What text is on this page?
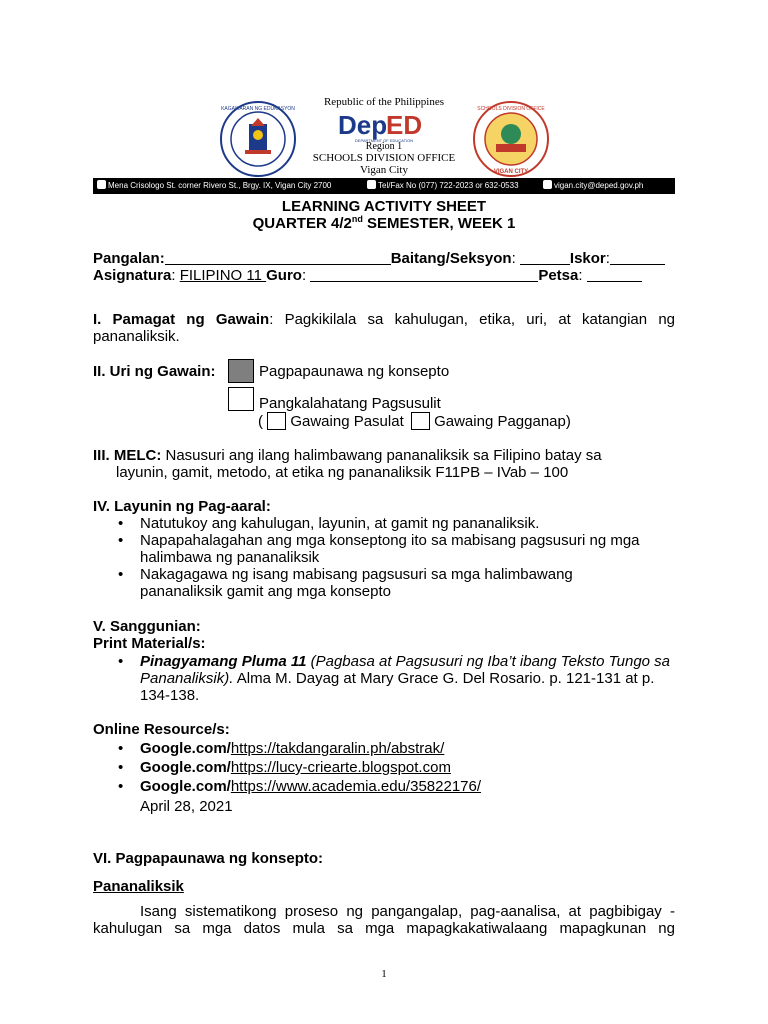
KAGAWARAN NG EDUKASYON
Republic of the Philippines
Dep
ED
DEPARTMENT OF EDUCATION
Region 1
SCHOOLS DIVISION OFFICE
Vigan City
SCHOOLS DIVISION OFFICE
VIGAN CITY
Mena Crisologo St. corner Rivero St., Brgy. IX, Vigan City 2700	Tel/Fax No (077) 722-2023 or 632-0533	vigan.city@deped.gov.ph
LEARNING ACTIVITY SHEET
QUARTER 4/2nd SEMESTER, WEEK 1
Pangalan:	Baitang/Seksyon:	Iskor:
Asignatura: FILIPINO 11 Guro:	Petsa:
I. Pamagat ng Gawain: Pagkikilala sa kahulugan, etika, uri, at katangian ng pananaliksik.
II. Uri ng Gawain:	Pagpapaunawa ng konsepto
Pangkalahatang Pagsusulit
( Gawaing Pasulat Gawaing Pagganap)
III. MELC: Nasusuri ang ilang halimbawang pananaliksik sa Filipino batay sa
layunin, gamit, metodo, at etika ng pananaliksik F11PB – IVab – 100
IV. Layunin ng Pag-aaral:
• Natutukoy ang kahulugan, layunin, at gamit ng pananaliksik.
• Napapahalagahan ang mga konseptong ito sa mabisang pagsusuri ng mga halimbawa ng pananaliksik
• Nakagagawa ng isang mabisang pagsusuri sa mga halimbawang pananaliksik gamit ang mga konsepto
V. Sanggunian:
Print Material/s:
• Pinagyamang Pluma 11 (Pagbasa at Pagsusuri ng Iba’t ibang Teksto Tungo sa Pananaliksik). Alma M. Dayag at Mary Grace G. Del Rosario. p. 121-131 at p. 134-138.
Online Resource/s:
• Google.com/https://takdangaralin.ph/abstrak/
• Google.com/https://lucy-criearte.blogspot.com
• Google.com/https://www.academia.edu/35822176/
April 28, 2021
VI. Pagpapaunawa ng konsepto:
Pananaliksik
Isang sistematikong proseso ng pangangalap, pag-aanalisa, at pagbibigay -
kahulugan sa mga datos mula sa mga mapagkakatiwalaang mapagkunan ng
1
